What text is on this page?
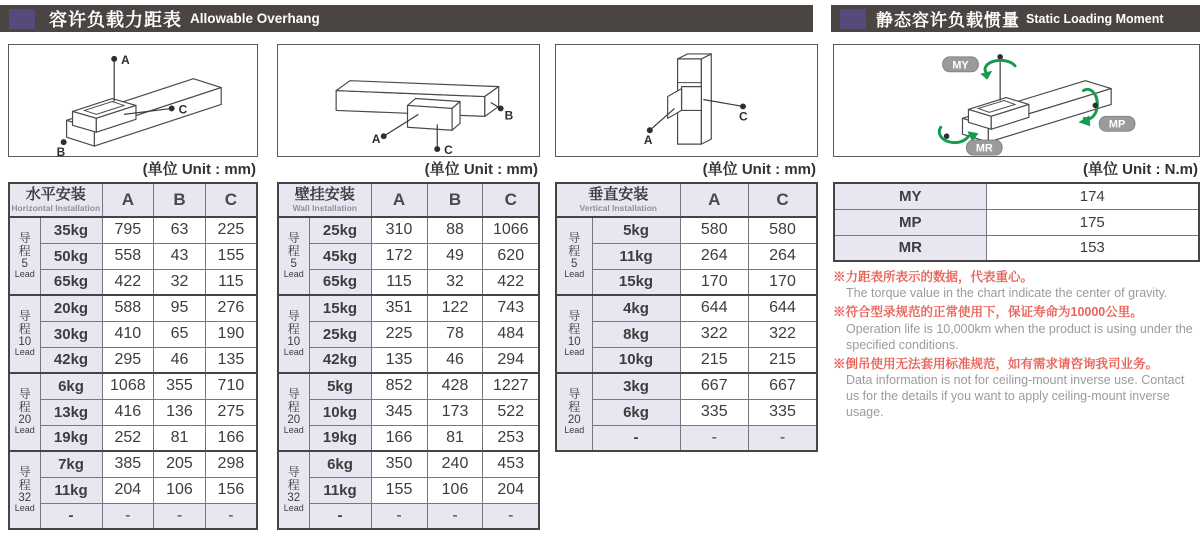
容许负载力距表 Allowable Overhang	静态容许负载惯量 Static Loading Moment
A
C
B
(单位 Unit : mm)
水平安装
Horizontal Installation		A	B	C

导
程
5
Lead	35kg	795	63	225
	50kg	558	43	155
	65kg	422	32	115

导
程
10
Lead	20kg	588	95	276
	30kg	410	65	190
	42kg	295	46	135

导
程
20
Lead	6kg	1068	355	710
	13kg	416	136	275
	19kg	252	81	166

导
程
32
Lead	7kg	385	205	298
	11kg	204	106	156
	-	-	-	-
B
A
C
(单位 Unit : mm)
壁挂安装
Wall Installation		A	B	C

导
程
5
Lead	25kg	310	88	1066
	45kg	172	49	620
	65kg	115	32	422

导
程
10
Lead	15kg	351	122	743
	25kg	225	78	484
	42kg	135	46	294

导
程
20
Lead	5kg	852	428	1227
	10kg	345	173	522
	19kg	166	81	253

导
程
32
Lead	6kg	350	240	453
	11kg	155	106	204
	-	-	-	-
A
C
(单位 Unit : mm)
垂直安装
Vertical Installation		A	C

导
程
5
Lead	5kg	580	580
	11kg	264	264
	15kg	170	170

导
程
10
Lead	4kg	644	644
	8kg	322	322
	10kg	215	215

导
程
20
Lead	3kg	667	667
	6kg	335	335
	-	-	-
MY
MP
MR
(单位 Unit : N.m)
MY	174
MP	175
MR	153
※力距表所表示的数据，代表重心。
The torque value in the chart indicate the center of gravity.
※符合型录规范的正常使用下，保证寿命为10000公里。
Operation life is 10,000km when the product is using under the specified conditions.
※倒吊使用无法套用标准规范，如有需求请咨询我司业务。
Data information is not for ceiling-mount inverse use. Contact us for the details if you want to apply ceiling-mount inverse usage.
